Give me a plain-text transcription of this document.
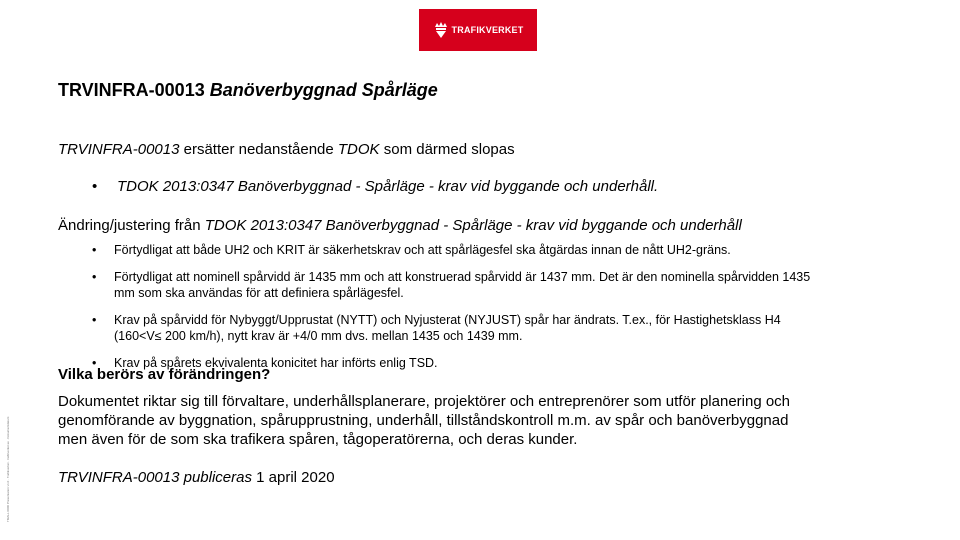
TRAFIKVERKET
TRVINFRA-00013 Banöverbyggnad Spårläge
TRVINFRA-00013 ersätter nedanstående TDOK som därmed slopas
•	TDOK 2013:0347 Banöverbyggnad - Spårläge - krav vid byggande och underhåll.
Ändring/justering från TDOK 2013:0347 Banöverbyggnad - Spårläge - krav vid byggande och underhåll
•	Förtydligat att både UH2 och KRIT är säkerhetskrav och att spårlägesfel ska åtgärdas innan de nått UH2-gräns.
•	Förtydligat att nominell spårvidd är 1435 mm och att konstruerad spårvidd är 1437 mm. Det är den nominella spårvidden 1435 mm som ska användas för att definiera spårlägesfel.
•	Krav på spårvidd för Nybyggt/Upprustat (NYTT) och Nyjusterat (NYJUST) spår har ändrats. T.ex., för Hastighetsklass H4 (160<V≤ 200 km/h), nytt krav är +4/0 mm dvs. mellan 1435 och 1439 mm.
•	Krav på spårets ekvivalenta konicitet har införts enlig TSD.
Vilka berörs av förändringen?
Dokumentet riktar sig till förvaltare, underhållsplanerare, projektörer och entreprenörer som utför planering och genomförande av byggnation, spårupprustning, underhåll, tillståndskontroll m.m. av spår och banöverbyggnad men även för de som ska trafikera spåren, tågoperatörerna, och deras kunder.
TRVINFRA-00013 publiceras 1 april 2020
TMALL 0000 Presentation v1.0 · Trafikverket · trafikverket.se · Dokumentdatum
